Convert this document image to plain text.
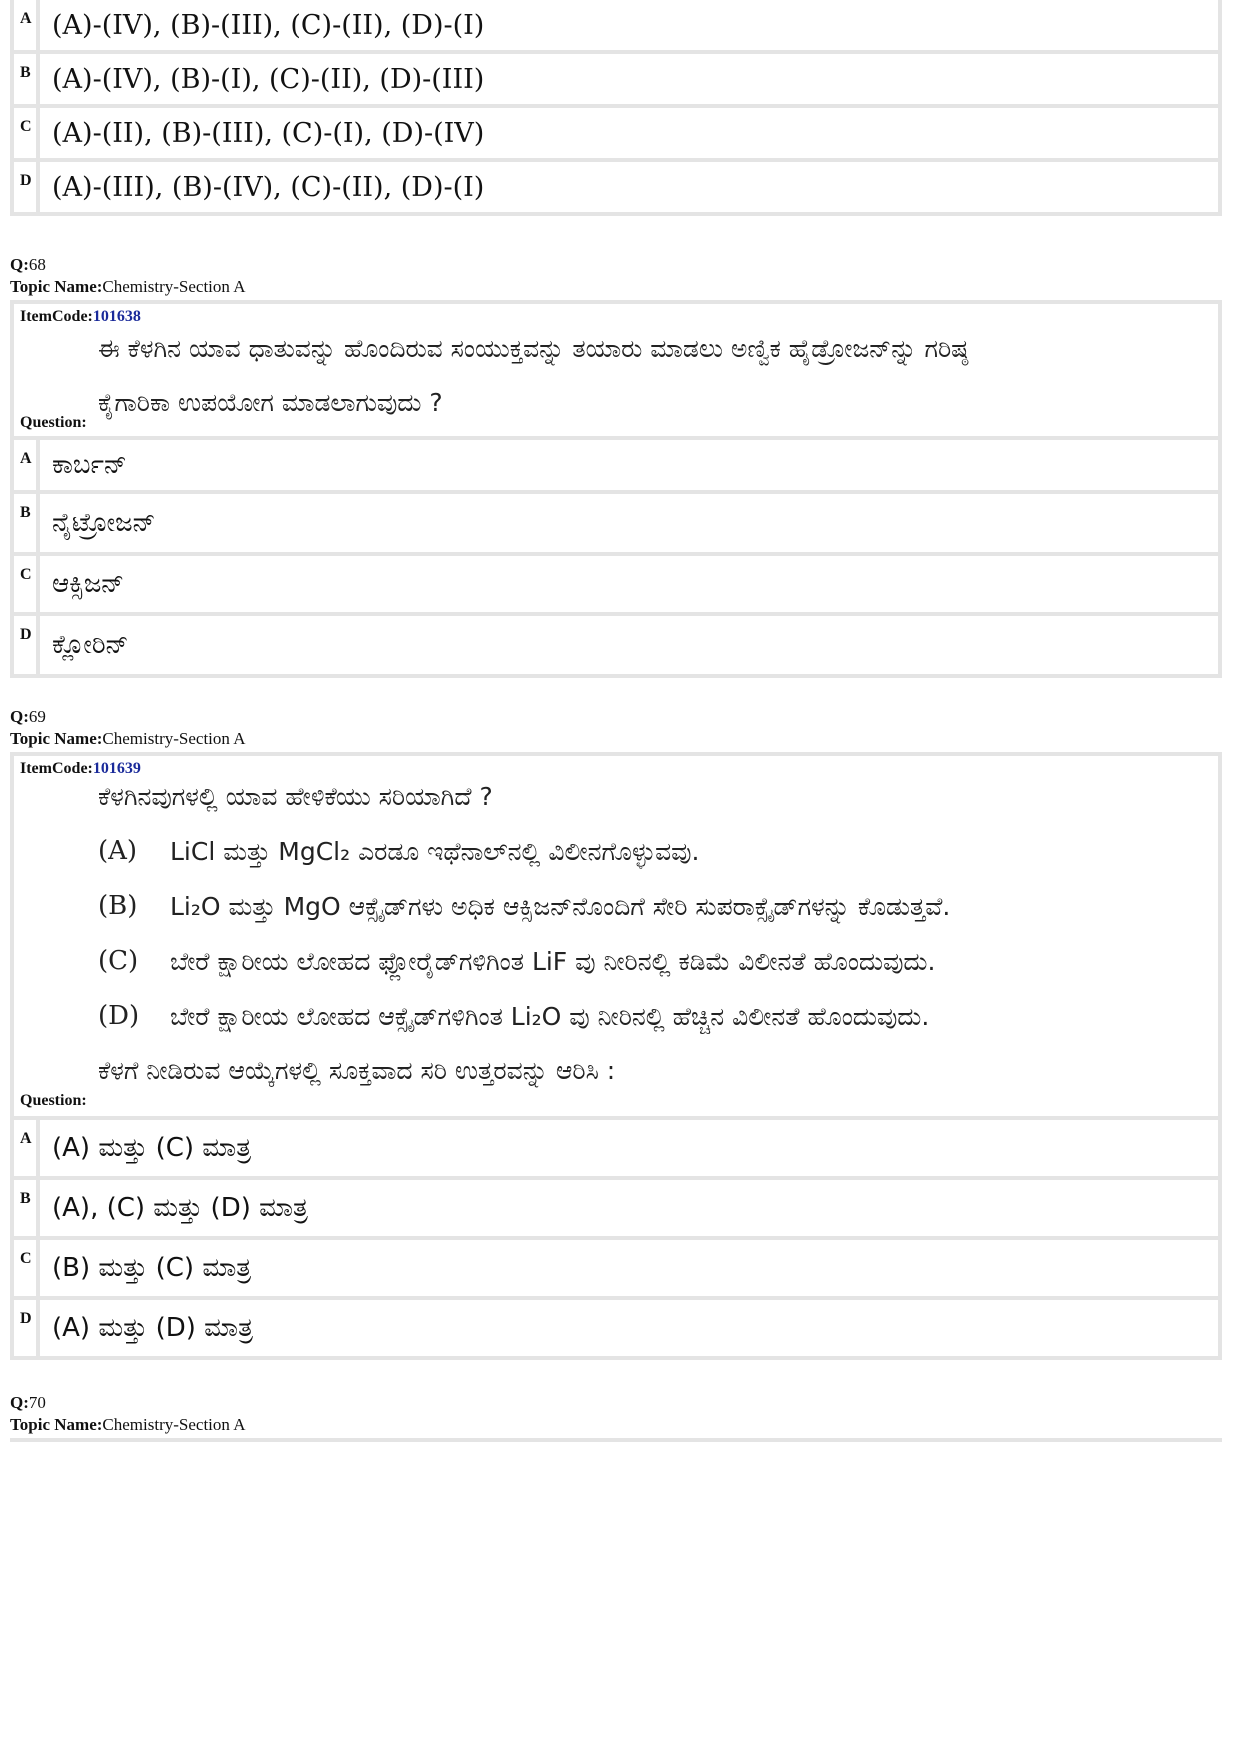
A (A)-(IV), (B)-(III), (C)-(II), (D)-(I)
B (A)-(IV), (B)-(I), (C)-(II), (D)-(III)
C (A)-(II), (B)-(III), (C)-(I), (D)-(IV)
D (A)-(III), (B)-(IV), (C)-(II), (D)-(I)
Q:68
Topic Name:Chemistry-Section A
ItemCode:101638
ಈ ಕೆಳಗಿನ ಯಾವ ಧಾತುವನ್ನು ಹೊಂದಿರುವ ಸಂಯುಕ್ತವನ್ನು ತಯಾರು ಮಾಡಲು ಅಣ್ವಿಕ ಹೈಡ್ರೋಜನ್‌ನ್ನು ಗರಿಷ್ಠ
ಕೈಗಾರಿಕಾ ಉಪಯೋಗ ಮಾಡಲಾಗುವುದು ?
Question:
A ಕಾರ್ಬನ್
B ನೈಟ್ರೋಜನ್
C ಆಕ್ಸಿಜನ್
D ಕ್ಲೋರಿನ್
Q:69
Topic Name:Chemistry-Section A
ItemCode:101639
ಕೆಳಗಿನವುಗಳಲ್ಲಿ ಯಾವ ಹೇಳಿಕೆಯು ಸರಿಯಾಗಿದೆ ?
(A)	LiCl ಮತ್ತು MgCl₂ ಎರಡೂ ಇಥೆನಾಲ್‌ನಲ್ಲಿ ವಿಲೀನಗೊಳ್ಳುವವು.
(B)	Li₂O ಮತ್ತು MgO ಆಕ್ಸೈಡ್‌ಗಳು ಅಧಿಕ ಆಕ್ಸಿಜನ್‌ನೊಂದಿಗೆ ಸೇರಿ ಸುಪರಾಕ್ಸೈಡ್‌ಗಳನ್ನು ಕೊಡುತ್ತವೆ.
(C)	ಬೇರೆ ಕ್ಷಾರೀಯ ಲೋಹದ ಫ್ಲೋರೈಡ್‌ಗಳಿಗಿಂತ LiF ವು ನೀರಿನಲ್ಲಿ ಕಡಿಮೆ ವಿಲೀನತೆ ಹೊಂದುವುದು.
(D)	ಬೇರೆ ಕ್ಷಾರೀಯ ಲೋಹದ ಆಕ್ಸೈಡ್‌ಗಳಿಗಿಂತ Li₂O ವು ನೀರಿನಲ್ಲಿ ಹೆಚ್ಚಿನ ವಿಲೀನತೆ ಹೊಂದುವುದು.
ಕೆಳಗೆ ನೀಡಿರುವ ಆಯ್ಕೆಗಳಲ್ಲಿ ಸೂಕ್ತವಾದ ಸರಿ ಉತ್ತರವನ್ನು ಆರಿಸಿ :
Question:
A (A) ಮತ್ತು (C) ಮಾತ್ರ
B (A), (C) ಮತ್ತು (D) ಮಾತ್ರ
C (B) ಮತ್ತು (C) ಮಾತ್ರ
D (A) ಮತ್ತು (D) ಮಾತ್ರ
Q:70
Topic Name:Chemistry-Section A
